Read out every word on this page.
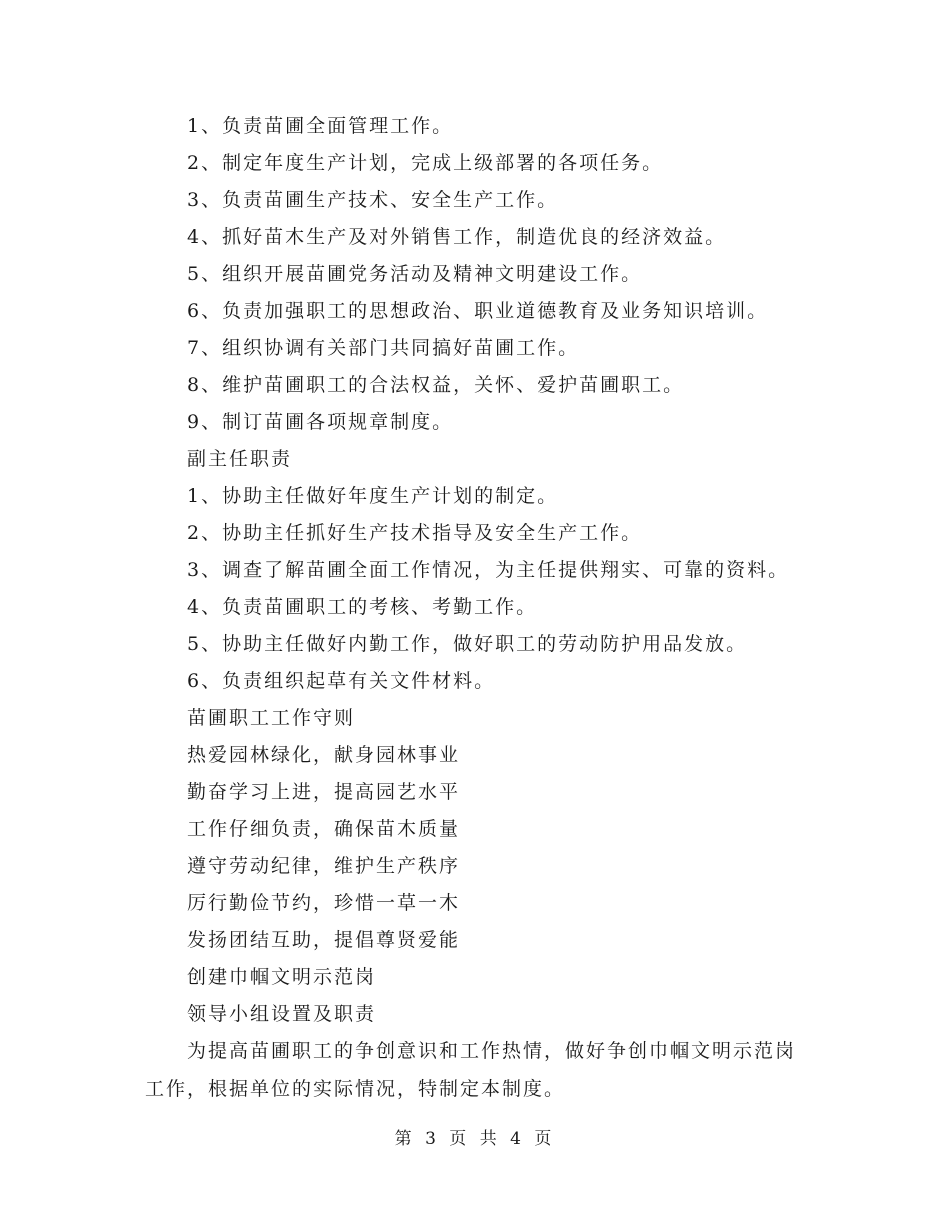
1、负责苗圃全面管理工作。
2、制定年度生产计划，完成上级部署的各项任务。
3、负责苗圃生产技术、安全生产工作。
4、抓好苗木生产及对外销售工作，制造优良的经济效益。
5、组织开展苗圃党务活动及精神文明建设工作。
6、负责加强职工的思想政治、职业道德教育及业务知识培训。
7、组织协调有关部门共同搞好苗圃工作。
8、维护苗圃职工的合法权益，关怀、爱护苗圃职工。
9、制订苗圃各项规章制度。
副主任职责
1、协助主任做好年度生产计划的制定。
2、协助主任抓好生产技术指导及安全生产工作。
3、调查了解苗圃全面工作情况，为主任提供翔实、可靠的资料。
4、负责苗圃职工的考核、考勤工作。
5、协助主任做好内勤工作，做好职工的劳动防护用品发放。
6、负责组织起草有关文件材料。
苗圃职工工作守则
热爱园林绿化，献身园林事业
勤奋学习上进，提高园艺水平
工作仔细负责，确保苗木质量
遵守劳动纪律，维护生产秩序
厉行勤俭节约，珍惜一草一木
发扬团结互助，提倡尊贤爱能
创建巾帼文明示范岗
领导小组设置及职责
为提高苗圃职工的争创意识和工作热情，做好争创巾帼文明示范岗工作，根据单位的实际情况，特制定本制度。
第 3 页 共 4 页
